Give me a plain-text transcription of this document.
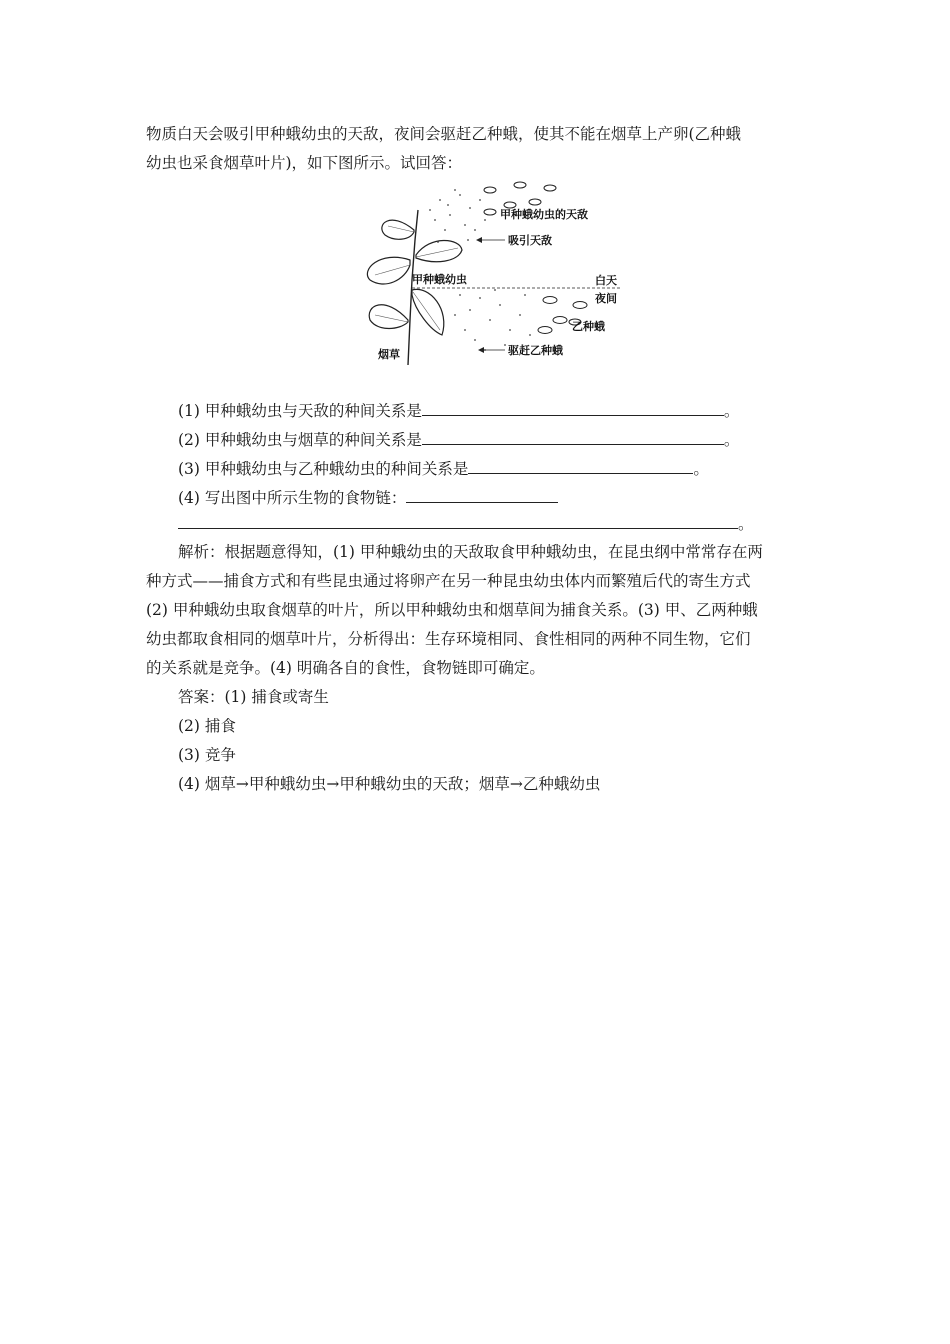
物质白天会吸引甲种蛾幼虫的天敌，夜间会驱赶乙种蛾，使其不能在烟草上产卵(乙种蛾
幼虫也采食烟草叶片)，如下图所示。试回答：
甲种蛾幼虫的天敌
吸引天敌
甲种蛾幼虫	白天
夜间
乙种蛾
驱赶乙种蛾
烟草
(1) 甲种蛾幼虫与天敌的种间关系是	。
(2) 甲种蛾幼虫与烟草的种间关系是	。
(3) 甲种蛾幼虫与乙种蛾幼虫的种间关系是	。
(4) 写出图中所示生物的食物链：
。
解析：根据题意得知，(1) 甲种蛾幼虫的天敌取食甲种蛾幼虫，在昆虫纲中常常存在两
种方式——捕食方式和有些昆虫通过将卵产在另一种昆虫幼虫体内而繁殖后代的寄生方式
(2) 甲种蛾幼虫取食烟草的叶片，所以甲种蛾幼虫和烟草间为捕食关系。(3) 甲、乙两种蛾
幼虫都取食相同的烟草叶片，分析得出：生存环境相同、食性相同的两种不同生物，它们
的关系就是竞争。(4) 明确各自的食性，食物链即可确定。
答案：(1) 捕食或寄生
(2) 捕食
(3) 竞争
(4) 烟草→甲种蛾幼虫→甲种蛾幼虫的天敌；烟草→乙种蛾幼虫
